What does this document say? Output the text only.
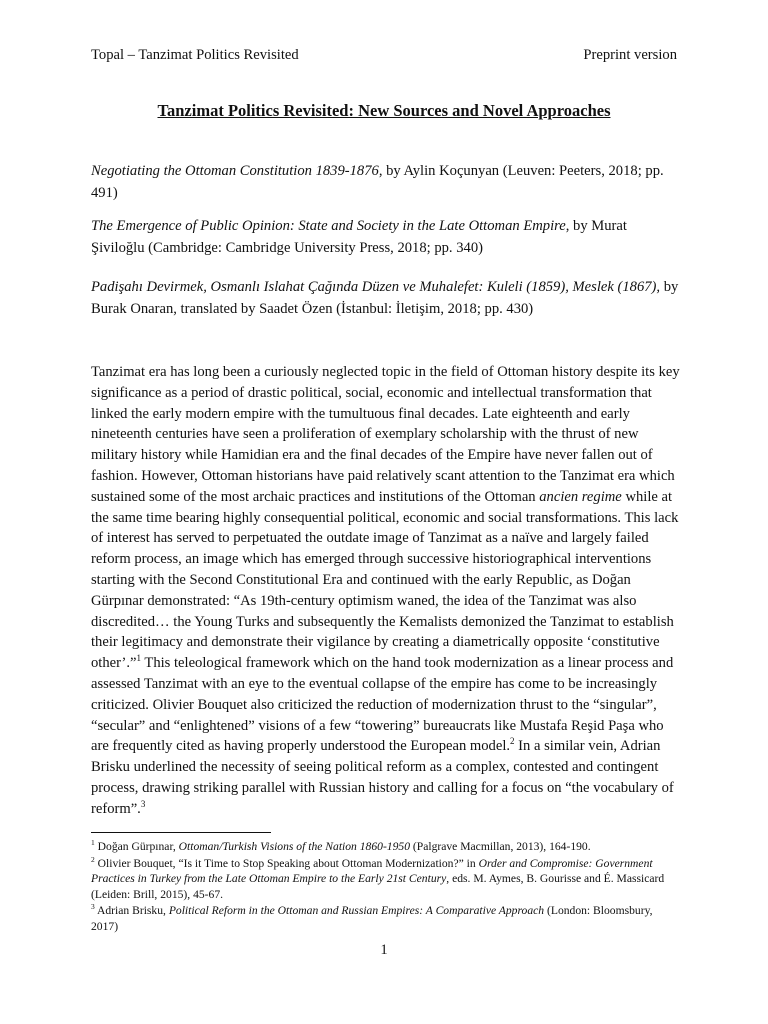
Topal – Tanzimat Politics Revisited	Preprint version
Tanzimat Politics Revisited: New Sources and Novel Approaches

Negotiating the Ottoman Constitution 1839-1876, by Aylin Koçunyan (Leuven: Peeters, 2018; pp. 491)

The Emergence of Public Opinion: State and Society in the Late Ottoman Empire, by Murat Şiviloğlu (Cambridge: Cambridge University Press, 2018; pp. 340)

Padişahı Devirmek, Osmanlı Islahat Çağında Düzen ve Muhalefet: Kuleli (1859), Meslek (1867), by Burak Onaran, translated by Saadet Özen (İstanbul: İletişim, 2018; pp. 430)

Tanzimat era has long been a curiously neglected topic in the field of Ottoman history despite its key significance as a period of drastic political, social, economic and intellectual transformation that linked the early modern empire with the tumultuous final decades. Late eighteenth and early nineteenth centuries have seen a proliferation of exemplary scholarship with the thrust of new military history while Hamidian era and the final decades of the Empire have never fallen out of fashion. However, Ottoman historians have paid relatively scant attention to the Tanzimat era which sustained some of the most archaic practices and institutions of the Ottoman ancien regime while at the same time bearing highly consequential political, economic and social transformations. This lack of interest has served to perpetuated the outdate image of Tanzimat as a naïve and largely failed reform process, an image which has emerged through successive historiographical interventions starting with the Second Constitutional Era and continued with the early Republic, as Doğan Gürpınar demonstrated: “As 19th-century optimism waned, the idea of the Tanzimat was also discredited… the Young Turks and subsequently the Kemalists demonized the Tanzimat to establish their legitimacy and demonstrate their vigilance by creating a diametrically opposite ‘constitutive other’.”$^1$ This teleological framework which on the hand took modernization as a linear process and assessed Tanzimat with an eye to the eventual collapse of the empire has come to be increasingly criticized. Olivier Bouquet also criticized the reduction of modernization thrust to the “singular”, “secular” and “enlightened” visions of a few “towering” bureaucrats like Mustafa Reşid Paşa who are frequently cited as having properly understood the European model.$^2$ In a similar vein, Adrian Brisku underlined the necessity of seeing political reform as a complex, contested and contingent process, drawing striking parallel with Russian history and calling for a focus on “the vocabulary of reform”.$^3$

$^1$ Doğan Gürpınar, Ottoman/Turkish Visions of the Nation 1860-1950 (Palgrave Macmillan, 2013), 164-190.

$^2$ Olivier Bouquet, “Is it Time to Stop Speaking about Ottoman Modernization?” in Order and Compromise: Government Practices in Turkey from the Late Ottoman Empire to the Early 21st Century, eds. M. Aymes, B. Gourisse and É. Massicard (Leiden: Brill, 2015), 45-67.

$^3$ Adrian Brisku, Political Reform in the Ottoman and Russian Empires: A Comparative Approach (London: Bloomsbury, 2017)

1
